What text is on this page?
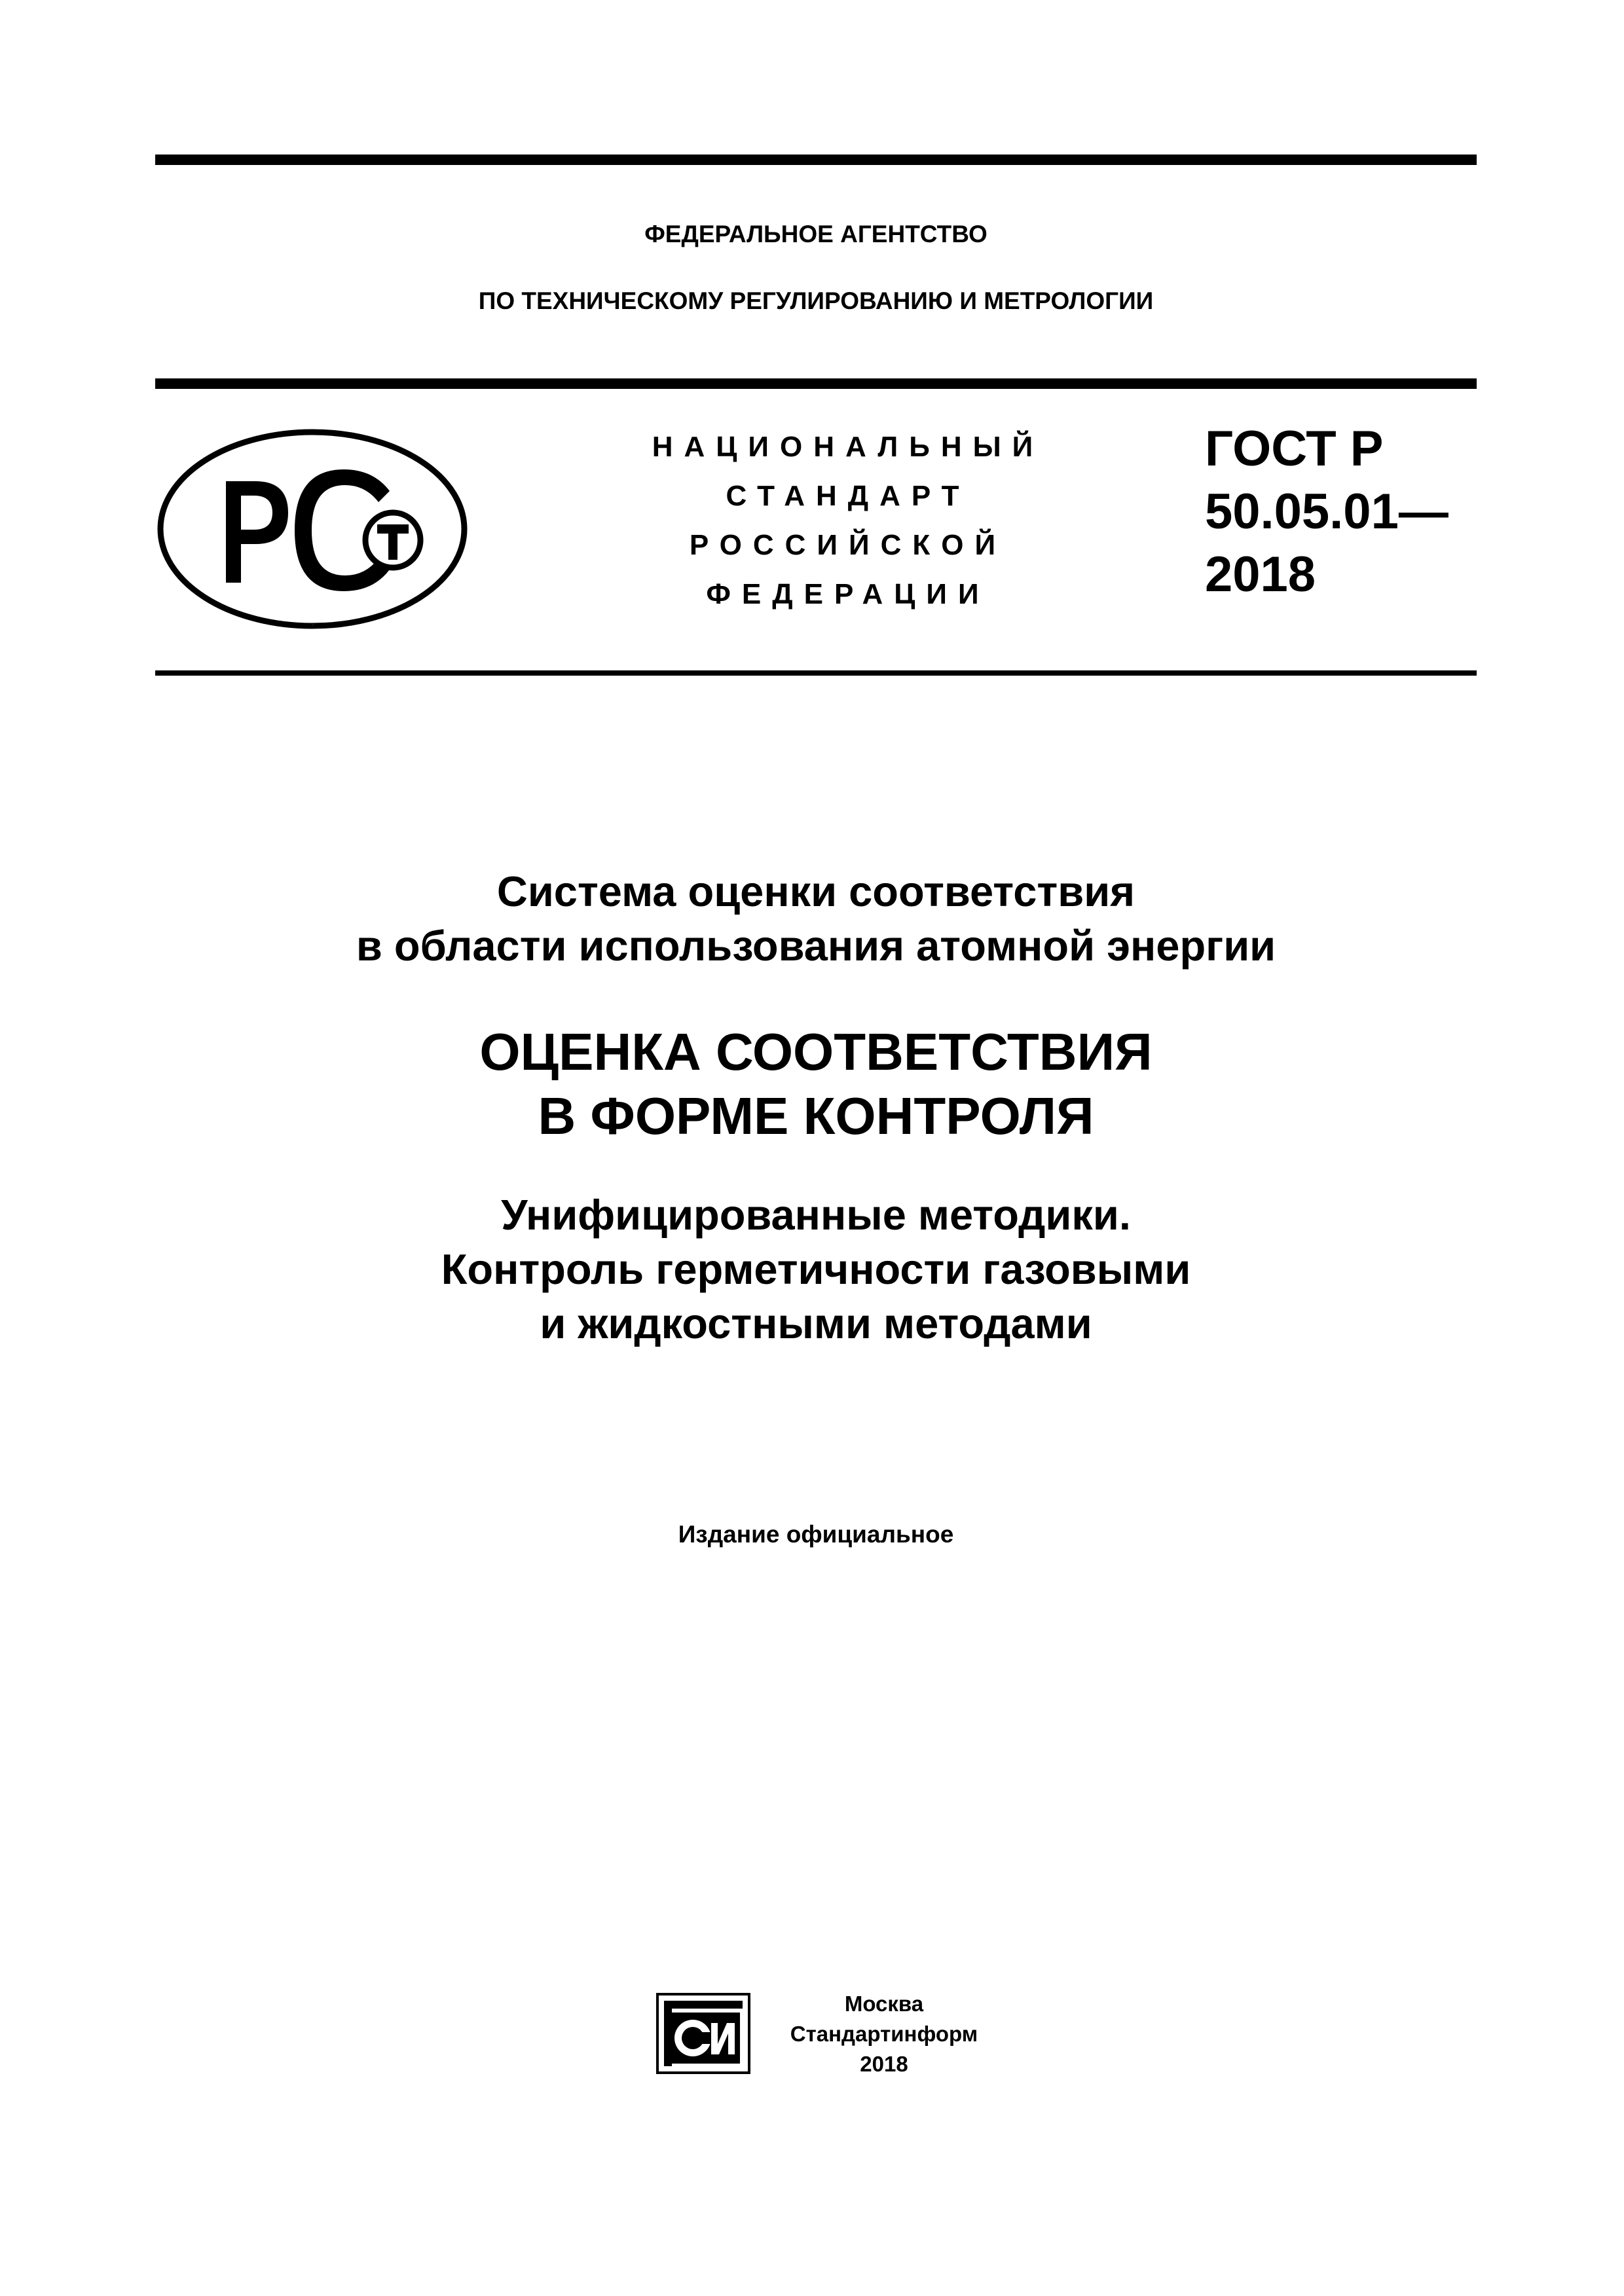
ФЕДЕРАЛЬНОЕ АГЕНТСТВО
ПО ТЕХНИЧЕСКОМУ РЕГУЛИРОВАНИЮ И МЕТРОЛОГИИ
РСТ
НАЦИОНАЛЬНЫЙ
СТАНДАРТ
РОССИЙСКОЙ
ФЕДЕРАЦИИ
ГОСТ Р
50.05.01—
2018
Система оценки соответствия
в области использования атомной энергии
ОЦЕНКА СООТВЕТСТВИЯ
В ФОРМЕ КОНТРОЛЯ
Унифицированные методики.
Контроль герметичности газовыми
и жидкостными методами
Издание официальное
СИ
Москва
Стандартинформ
2018
